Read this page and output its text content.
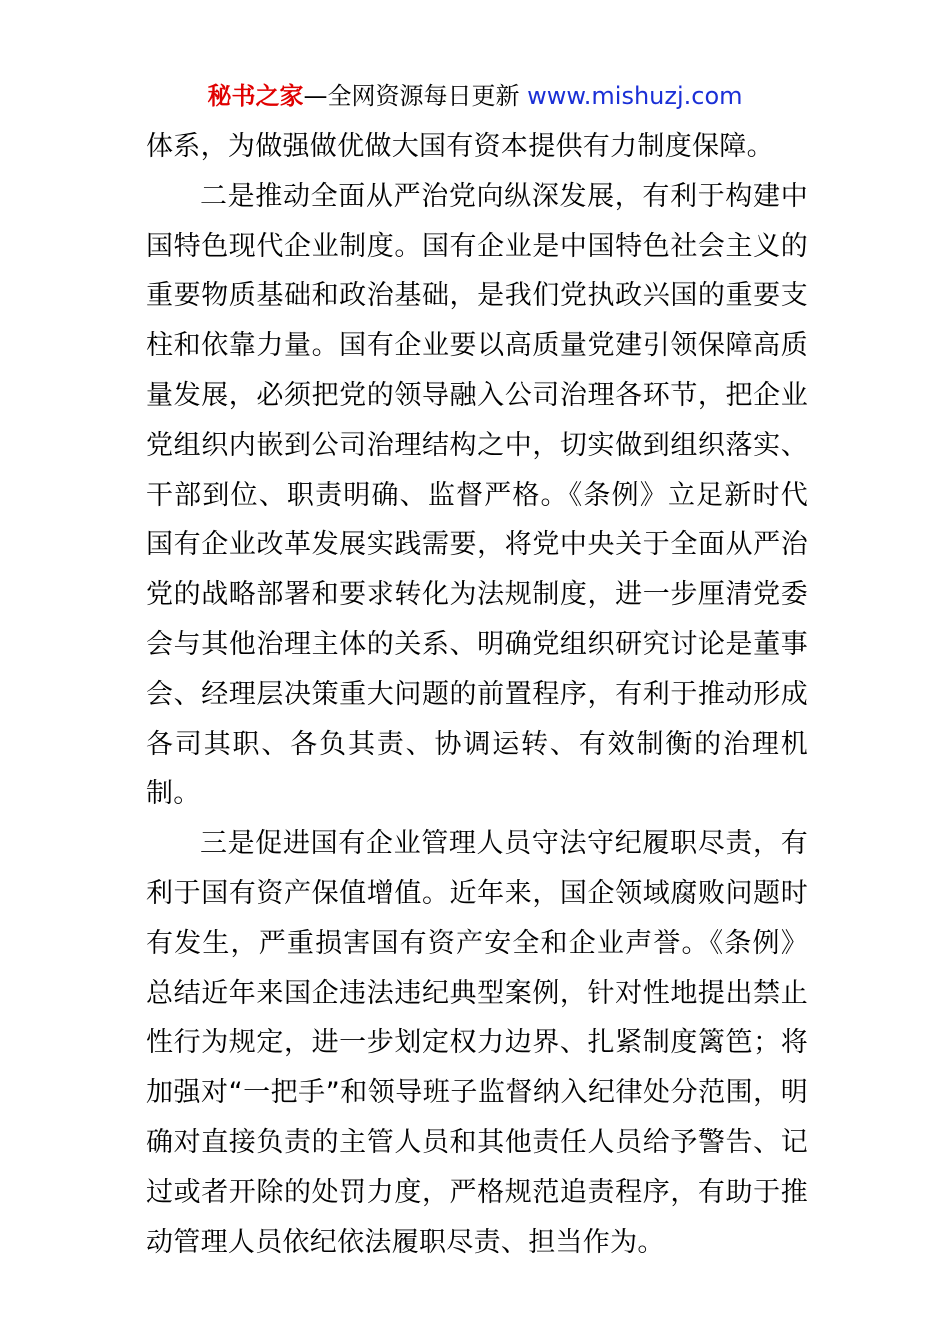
秘书之家—全网资源每日更新 www.mishuzj.com

体系，为做强做优做大国有资本提供有力制度保障。

二是推动全面从严治党向纵深发展，有利于构建中国特色现代企业制度。国有企业是中国特色社会主义的重要物质基础和政治基础，是我们党执政兴国的重要支柱和依靠力量。国有企业要以高质量党建引领保障高质量发展，必须把党的领导融入公司治理各环节，把企业党组织内嵌到公司治理结构之中，切实做到组织落实、干部到位、职责明确、监督严格。《条例》立足新时代国有企业改革发展实践需要，将党中央关于全面从严治党的战略部署和要求转化为法规制度，进一步厘清党委会与其他治理主体的关系、明确党组织研究讨论是董事会、经理层决策重大问题的前置程序，有利于推动形成各司其职、各负其责、协调运转、有效制衡的治理机制。

三是促进国有企业管理人员守法守纪履职尽责，有利于国有资产保值增值。近年来，国企领域腐败问题时有发生，严重损害国有资产安全和企业声誉。《条例》总结近年来国企违法违纪典型案例，针对性地提出禁止性行为规定，进一步划定权力边界、扎紧制度篱笆；将加强对“一把手”和领导班子监督纳入纪律处分范围，明确对直接负责的主管人员和其他责任人员给予警告、记过或者开除的处罚力度，严格规范追责程序，有助于推动管理人员依纪依法履职尽责、担当作为。
